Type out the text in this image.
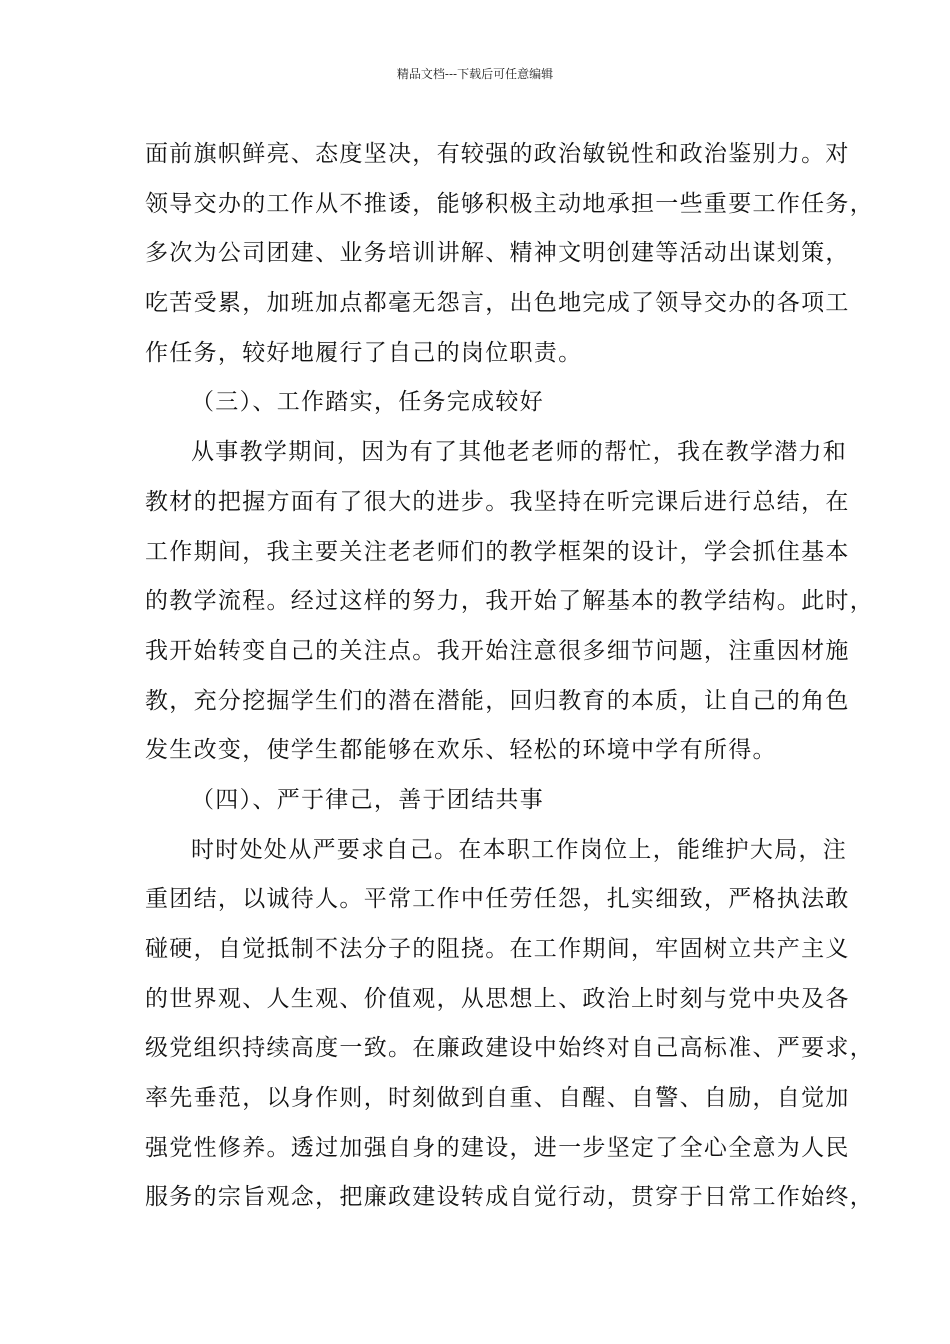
精品文档---下载后可任意编辑
面前旗帜鲜亮、态度坚决，有较强的政治敏锐性和政治鉴别力。对
领导交办的工作从不推诿，能够积极主动地承担一些重要工作任务，
多次为公司团建、业务培训讲解、精神文明创建等活动出谋划策，
吃苦受累，加班加点都毫无怨言，出色地完成了领导交办的各项工
作任务，较好地履行了自己的岗位职责。
（三）、工作踏实，任务完成较好
从事教学期间，因为有了其他老老师的帮忙，我在教学潜力和
教材的把握方面有了很大的进步。我坚持在听完课后进行总结，在
工作期间，我主要关注老老师们的教学框架的设计，学会抓住基本
的教学流程。经过这样的努力，我开始了解基本的教学结构。此时，
我开始转变自己的关注点。我开始注意很多细节问题，注重因材施
教，充分挖掘学生们的潜在潜能，回归教育的本质，让自己的角色
发生改变，使学生都能够在欢乐、轻松的环境中学有所得。
（四）、严于律己，善于团结共事
时时处处从严要求自己。在本职工作岗位上，能维护大局，注
重团结，以诚待人。平常工作中任劳任怨，扎实细致，严格执法敢
碰硬，自觉抵制不法分子的阻挠。在工作期间，牢固树立共产主义
的世界观、人生观、价值观，从思想上、政治上时刻与党中央及各
级党组织持续高度一致。在廉政建设中始终对自己高标准、严要求，
率先垂范，以身作则，时刻做到自重、自醒、自警、自励，自觉加
强党性修养。透过加强自身的建设，进一步坚定了全心全意为人民
服务的宗旨观念，把廉政建设转成自觉行动，贯穿于日常工作始终，
